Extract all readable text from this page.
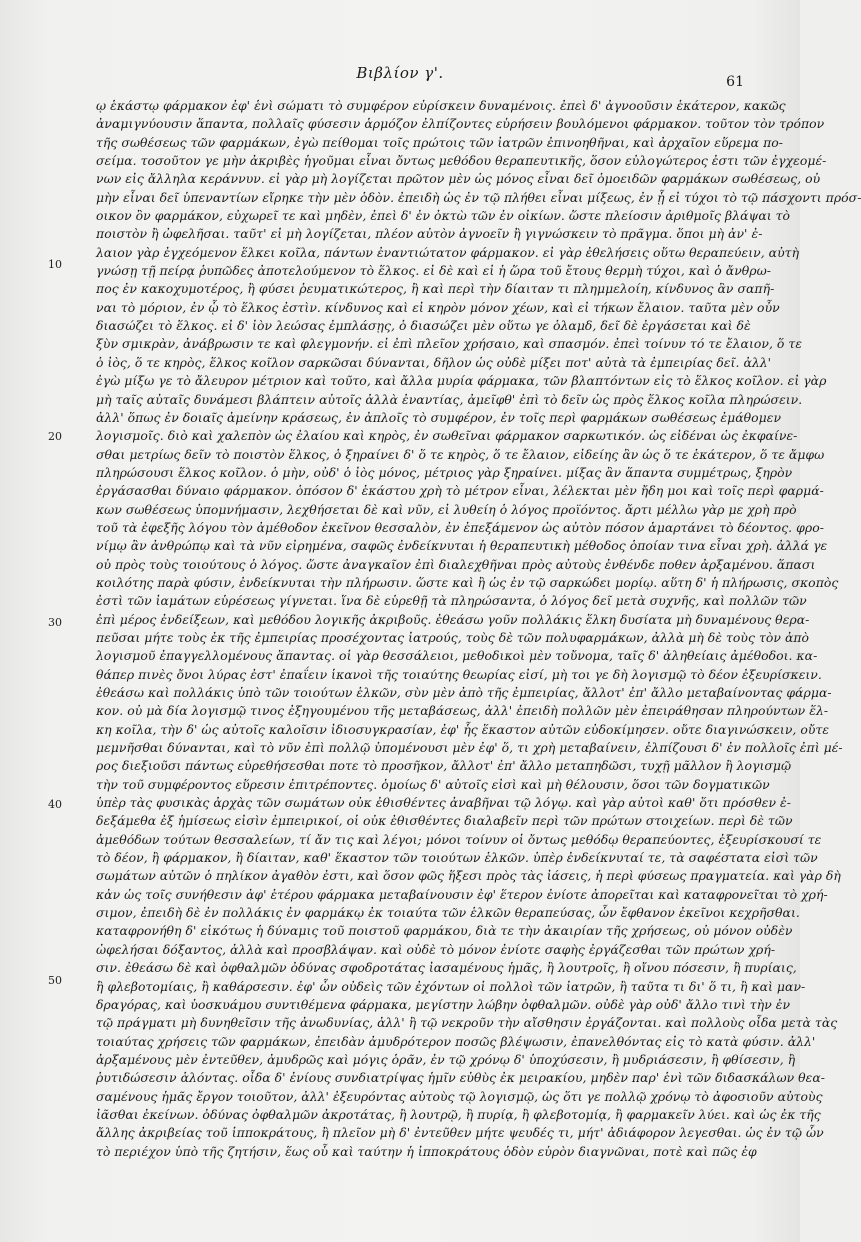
Βιβλίον γ'.	61
10
20
30
40
50
ῳ ἑκάστῳ φάρμακον ἐφ' ἑνὶ σώματι τὸ συμφέρον εὑρίσκειν δυναμένοις. ἐπεὶ δ' ἀγνοοῦσιν ἑκάτερον, κακῶς
ἀναμιγνύουσιν ἅπαντα, πολλαῖς φύσεσιν ἁρμόζον ἐλπίζοντες εὑρήσειν βουλόμενοι φάρμακον. τοῦτον τὸν τρόπον
τῆς σωθέσεως τῶν φαρμάκων, ἐγὼ πείθομαι τοῖς πρώτοις τῶν ἰατρῶν ἐπινοηθῆναι, καὶ ἀρχαῖον εὕρεμα πο-
σείμα. τοσοῦτον γε μὴν ἀκριβὲς ἡγοῦμαι εἶναι ὄντως μεθόδου θεραπευτικῆς, ὅσον εὐλογώτερος ἐστι τῶν ἐγχεομέ-
νων εἰς ἄλληλα κεράννυν. εἰ γὰρ μὴ λογίζεται πρῶτον μὲν ὡς μόνος εἶναι δεῖ ὁμοειδῶν φαρμάκων σωθέσεως, οὐ
μὴν εἶναι δεῖ ὑπεναντίων εἴρηκε τὴν μὲν ὁδὸν. ἐπειδὴ ὡς ἐν τῷ πλήθει εἶναι μίξεως, ἐν ᾗ εἰ τύχοι τὸ τῷ πάσχοντι πρόσ-
οικον ὂν φαρμάκον, εὐχωρεῖ τε καὶ μηδὲν, ἐπεὶ δ' ἐν ὀκτὼ τῶν ἐν οἰκίων. ὥστε πλείοσιν ἀριθμοῖς βλάψαι τὸ
ποιστὸν ἢ ὠφελῆσαι. ταῦτ' εἰ μὴ λογίζεται, πλέον αὐτὸν ἀγνοεῖν ἢ γιγνώσκειν τὸ πρᾶγμα. ὅποι μὴ ἀν' ἐ-
λαιον γὰρ ἐγχεόμενον ἕλκει κοῖλα, πάντων ἐναντιώτατον φάρμακον. εἰ γὰρ ἐθελήσεις οὕτω θεραπεύειν, αὐτὴ
γνώσῃ τῇ πείρᾳ ῥυπῶδες ἀποτελούμενον τὸ ἕλκος. εἰ δὲ καὶ εἰ ἡ ὥρα τοῦ ἔτους θερμὴ τύχοι, καὶ ὁ ἄνθρω-
πος ἐν κακοχυμοτέρος, ἢ φύσει ῥευματικώτερος, ἢ καὶ περὶ τὴν δίαιταν τι πλημμελοίη, κίνδυνος ἂν σαπῆ-
ναι τὸ μόριον, ἐν ᾧ τὸ ἕλκος ἐστὶν. κίνδυνος καὶ εἰ κηρὸν μόνον χέων, καὶ εἰ τήκων ἔλαιον. ταῦτα μὲν οὖν
διασώζει τὸ ἕλκος. εἰ δ' ἰὸν λεώσας ἐμπλάσῃς, ὁ διασώζει μὲν οὕτω γε ὁλαμδ, δεῖ δὲ ἐργάσεται καὶ δὲ
ξὺν σμικρὰν, ἀνάβρωσιν τε καὶ φλεγμονήν. εἰ ἐπὶ πλεῖον χρήσαιο, καὶ σπασμόν. ἐπεὶ τοίνυν τό τε ἔλαιον, ὅ τε
ὁ ἰὸς, ὅ τε κηρὸς, ἕλκος κοῖλον σαρκῶσαι δύνανται, δῆλον ὡς οὐδὲ μίξει ποτ' αὐτὰ τὰ ἐμπειρίας δεῖ. ἀλλ'
ἐγὼ μίξω γε τὸ ἄλευρον μέτριον καὶ τοῦτο, καὶ ἄλλα μυρία φάρμακα, τῶν βλαπτόντων εἰς τὸ ἕλκος κοῖλον. εἰ γὰρ
μὴ ταῖς αὐταῖς δυνάμεσι βλάπτειν αὐτοῖς ἀλλὰ ἐναντίας, ἀμεῖφθ' ἐπὶ τὸ δεῖν ὡς πρὸς ἕλκος κοῖλα πληρώσειν.
ἀλλ' ὅπως ἐν δοιαῖς ἀμείνην κράσεως, ἐν ἀπλοῖς τὸ συμφέρον, ἐν τοῖς περὶ φαρμάκων σωθέσεως ἐμάθομεν
λογισμοῖς. διὸ καὶ χαλεπὸν ὡς ἐλαίου καὶ κηρὸς, ἐν σωθεῖναι φάρμακον σαρκωτικόν. ὡς εἰδέναι ὡς ἐκφαίνε-
σθαι μετρίως δεῖν τὸ ποιστὸν ἕλκος, ὁ ξηραίνει δ' ὅ τε κηρὸς, ὅ τε ἔλαιον, εἰδείης ἂν ὡς ὅ τε ἑκάτερον, ὅ τε ἄμφω
πληρώσουσι ἕλκος κοῖλον. ὁ μὴν, οὐδ' ὁ ἰὸς μόνος, μέτριος γὰρ ξηραίνει. μίξας ἂν ἅπαντα συμμέτρως, ξηρὸν
ἐργάσασθαι δύναιο φάρμακον. ὁπόσον δ' ἑκάστου χρὴ τὸ μέτρον εἶναι, λέλεκται μὲν ἤδη μοι καὶ τοῖς περὶ φαρμά-
κων σωθέσεως ὑπομνήμασιν, λεχθήσεται δὲ καὶ νῦν, εἰ λυθείη ὁ λόγος προϊόντος. ἄρτι μέλλω γὰρ με χρὴ πρὸ
τοῦ τὰ ἐφεξῆς λόγου τὸν ἀμέθοδον ἐκεῖνον θεσσαλὸν, ἐν ἐπεξάμενον ὡς αὐτὸν πόσον ἁμαρτάνει τὸ δέοντος. φρο-
νίμῳ ἂν ἀνθρώπῳ καὶ τὰ νῦν εἰρημένα, σαφῶς ἐνδείκνυται ἡ θεραπευτικὴ μέθοδος ὁποίαν τινα εἶναι χρὴ. ἀλλά γε
οὐ πρὸς τοὺς τοιούτους ὁ λόγος. ὥστε ἀναγκαῖον ἐπὶ διαλεχθῆναι πρὸς αὐτοὺς ἐνθένδε ποθεν ἀρξαμένου. ἅπασι
κοιλότης παρὰ φύσιν, ἐνδείκνυται τὴν πλήρωσιν. ὥστε καὶ ἢ ὡς ἐν τῷ σαρκώδει μορίῳ. αὕτη δ' ἡ πλήρωσις, σκοπὸς
ἐστὶ τῶν ἰαμάτων εὑρέσεως γίγνεται. ἵνα δὲ εὑρεθῇ τὰ πληρώσαντα, ὁ λόγος δεῖ μετὰ συχνῆς, καὶ πολλῶν τῶν
ἐπὶ μέρος ἐνδείξεων, καὶ μεθόδου λογικῆς ἀκριβοῦς. ἐθεάσω γοῦν πολλάκις ἕλκη δυσίατα μὴ δυναμένους θερα-
πεῦσαι μήτε τοὺς ἐκ τῆς ἐμπειρίας προσέχοντας ἰατρούς, τοὺς δὲ τῶν πολυφαρμάκων, ἀλλὰ μὴ δὲ τοὺς τὸν ἀπὸ
λογισμοῦ ἐπαγγελλομένους ἅπαντας. οἱ γὰρ θεσσάλειοι, μεθοδικοὶ μὲν τοὔνομα, ταῖς δ' ἀληθείαις ἀμέθοδοι. κα-
θάπερ πινὲς ὄνοι λύρας ἐστ' ἐπαΐειν ἱκανοὶ τῆς τοιαύτης θεωρίας εἰσί, μὴ τοι γε δὴ λογισμῷ τὸ δέον ἐξευρίσκειν.
ἐθεάσω καὶ πολλάκις ὑπὸ τῶν τοιούτων ἑλκῶν, σὺν μὲν ἀπὸ τῆς ἐμπειρίας, ἄλλοτ' ἐπ' ἄλλο μεταβαίνοντας φάρμα-
κον. οὐ μὰ δία λογισμῷ τινος ἐξηγουμένου τῆς μεταβάσεως, ἀλλ' ἐπειδὴ πολλῶν μὲν ἐπειράθησαν πληρούντων ἕλ-
κη κοῖλα, τὴν δ' ὡς αὐτοῖς καλοῖσιν ἰδιοσυγκρασίαν, ἐφ' ἧς ἕκαστον αὐτῶν εὐδοκίμησεν. οὔτε διαγινώσκειν, οὔτε
μεμνῆσθαι δύνανται, καὶ τὸ νῦν ἐπὶ πολλῷ ὑπομένουσι μὲν ἐφ' ὅ, τι χρὴ μεταβαίνειν, ἐλπίζουσι δ' ἐν πολλοῖς ἐπὶ μέ-
ρος διεξιοῦσι πάντως εὑρεθήσεσθαι ποτε τὸ προσῆκον, ἄλλοτ' ἐπ' ἄλλο μεταπηδῶσι, τυχῇ μᾶλλον ἢ λογισμῷ
τὴν τοῦ συμφέροντος εὕρεσιν ἐπιτρέποντες. ὁμοίως δ' αὐτοῖς εἰσὶ καὶ μὴ θέλουσιν, ὅσοι τῶν δογματικῶν
ὑπὲρ τὰς φυσικὰς ἀρχὰς τῶν σωμάτων οὐκ ἐθισθέντες ἀναβῆναι τῷ λόγῳ. καὶ γὰρ αὐτοὶ καθ' ὅτι πρόσθεν ἐ-
δεξάμεθα ἐξ ἡμίσεως εἰσὶν ἐμπειρικοί, οἱ οὐκ ἐθισθέντες διαλαβεῖν περὶ τῶν πρώτων στοιχείων. περὶ δὲ τῶν
ἀμεθόδων τούτων θεσσαλείων, τί ἄν τις καὶ λέγοι; μόνοι τοίνυν οἱ ὄντως μεθόδῳ θεραπεύοντες, ἐξευρίσκουσί τε
τὸ δέον, ἢ φάρμακον, ἢ δίαιταν, καθ' ἕκαστον τῶν τοιούτων ἑλκῶν. ὑπὲρ ἐνδείκνυταί τε, τὰ σαφέστατα εἰσὶ τῶν
σωμάτων αὐτῶν ὁ πηλίκον ἀγαθὸν ἐστι, καὶ ὅσον φῶς ἥξεσι πρὸς τὰς ἰάσεις, ἡ περὶ φύσεως πραγματεία. καὶ γὰρ δὴ
κἀν ὡς τοῖς συνήθεσιν ἀφ' ἑτέρου φάρμακα μεταβαίνουσιν ἐφ' ἕτερον ἐνίοτε ἀπορεῖται καὶ καταφρονεῖται τὸ χρή-
σιμον, ἐπειδὴ δὲ ἐν πολλάκις ἐν φαρμάκῳ ἐκ τοιαύτα τῶν ἑλκῶν θεραπεύσας, ὧν ἔφθανον ἐκεῖνοι κεχρῆσθαι.
καταφρονήθη δ' εἰκότως ἡ δύναμις τοῦ ποιστοῦ φαρμάκου, διὰ τε τὴν ἀκαιρίαν τῆς χρήσεως, οὐ μόνον οὐδὲν
ὠφελήσαι δόξαντος, ἀλλὰ καὶ προσβλάψαν. καὶ οὐδὲ τὸ μόνον ἐνίοτε σαφὴς ἐργάζεσθαι τῶν πρώτων χρή-
σιν. ἐθεάσω δὲ καὶ ὀφθαλμῶν ὀδύνας σφοδροτάτας ἰασαμένους ἡμᾶς, ἢ λουτροῖς, ἢ οἴνου πόσεσιν, ἢ πυρίαις,
ἢ φλεβοτομίαις, ἢ καθάρσεσιν. ἐφ' ὧν οὐδεὶς τῶν ἐχόντων οἱ πολλοὶ τῶν ἰατρῶν, ἢ ταῦτα τι δι' ὅ τι, ἢ καὶ μαν-
δραγόρας, καὶ ὑοσκυάμου συντιθέμενα φάρμακα, μεγίστην λώβην ὀφθαλμῶν. οὐδὲ γὰρ οὐδ' ἄλλο τινὶ τὴν ἐν
τῷ πράγματι μὴ δυνηθεῖσιν τῆς ἀνωδυνίας, ἀλλ' ἢ τῷ νεκροῦν τὴν αἴσθησιν ἐργάζονται. καὶ πολλοὺς οἶδα μετὰ τὰς
τοιαύτας χρήσεις τῶν φαρμάκων, ἐπειδὰν ἀμυδρότερον ποσῶς βλέψωσιν, ἐπανελθόντας εἰς τὸ κατὰ φύσιν. ἀλλ'
ἀρξαμένους μὲν ἐντεῦθεν, ἀμυδρῶς καὶ μόγις ὁρᾶν, ἐν τῷ χρόνῳ δ' ὑποχύσεσιν, ἢ μυδριάσεσιν, ἢ φθίσεσιν, ἢ
ῥυτιδώσεσιν ἁλόντας. οἶδα δ' ἐνίους συνδιατρίψας ἡμῖν εὐθὺς ἐκ μειρακίου, μηδὲν παρ' ἑνὶ τῶν διδασκάλων θεα-
σαμένους ἡμᾶς ἔργον τοιοῦτον, ἀλλ' ἐξευρόντας αὐτοὺς τῷ λογισμῷ, ὡς ὅτι γε πολλῷ χρόνῳ τὸ ἀφοσιοῦν αὐτοὺς
ἰᾶσθαι ἐκείνων. ὀδύνας ὀφθαλμῶν ἀκροτάτας, ἢ λουτρῷ, ἢ πυρίᾳ, ἢ φλεβοτομίᾳ, ἢ φαρμακεῖν λύει. καὶ ὡς ἐκ τῆς
ἄλλης ἀκριβείας τοῦ ἱπποκράτους, ἢ πλεῖον μὴ δ' ἐντεῦθεν μήτε ψευδές τι, μήτ' ἀδιάφορον λεγεσθαι. ὡς ἐν τῷ ὧν
τὸ περιέχον ὑπὸ τῆς ζητήσιν, ἕως οὗ καὶ ταύτην ἡ ἱπποκράτους ὁδὸν εὑρὸν διαγνῶναι, ποτὲ καὶ πῶς ἐφ
